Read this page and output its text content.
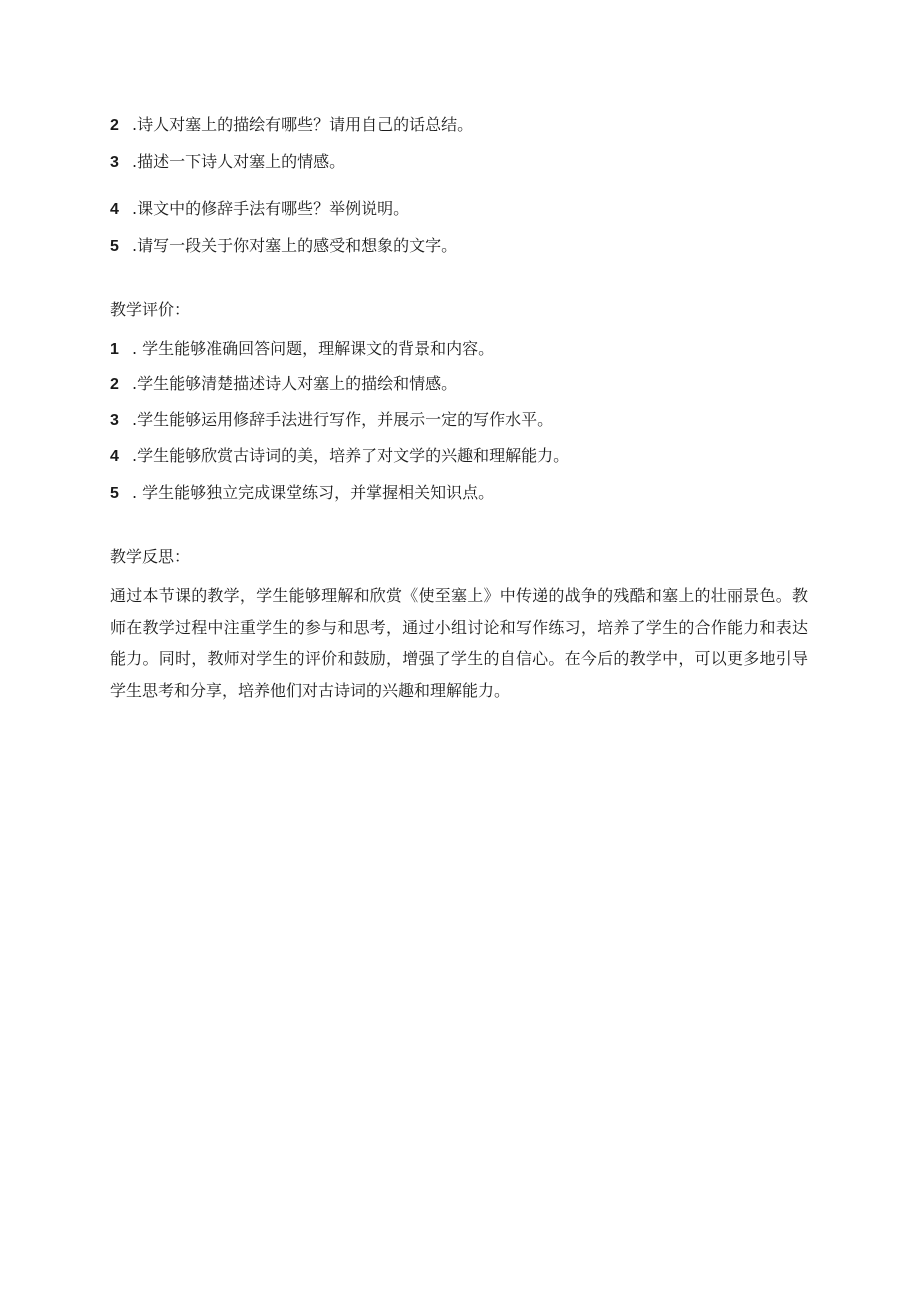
2 .诗人对塞上的描绘有哪些？请用自己的话总结。
3 .描述一下诗人对塞上的情感。
4 .课文中的修辞手法有哪些？举例说明。
5 .请写一段关于你对塞上的感受和想象的文字。
教学评价：
1 . 学生能够准确回答问题，理解课文的背景和内容。
2 .学生能够清楚描述诗人对塞上的描绘和情感。
3 .学生能够运用修辞手法进行写作，并展示一定的写作水平。
4 .学生能够欣赏古诗词的美，培养了对文学的兴趣和理解能力。
5 . 学生能够独立完成课堂练习，并掌握相关知识点。
教学反思：

通过本节课的教学，学生能够理解和欣赏《使至塞上》中传递的战争的残酷和塞上的壮丽景色。教师在教学过程中注重学生的参与和思考，通过小组讨论和写作练习，培养了学生的合作能力和表达能力。同时，教师对学生的评价和鼓励，增强了学生的自信心。在今后的教学中，可以更多地引导学生思考和分享，培养他们对古诗词的兴趣和理解能力。
